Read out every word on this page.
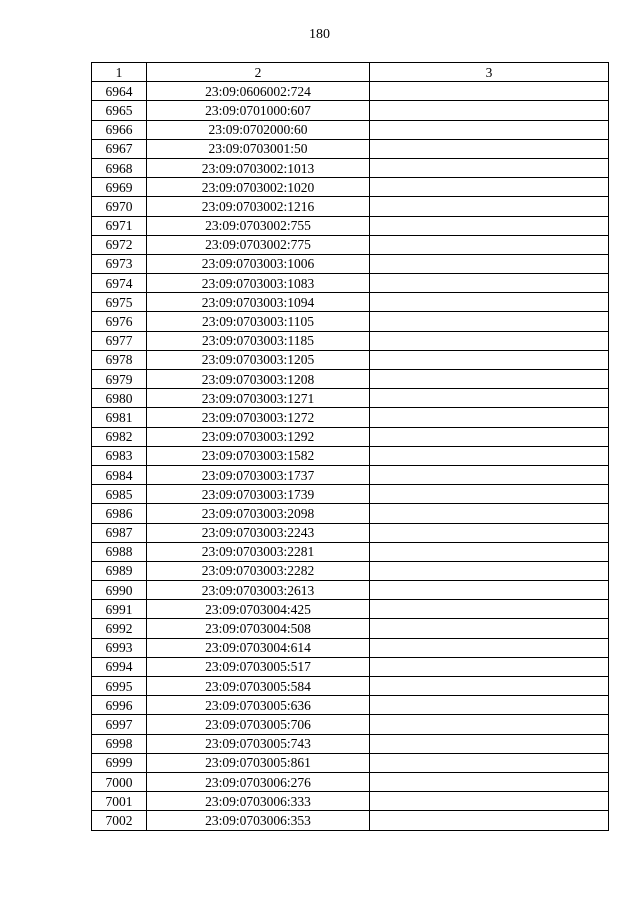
180
1	2	3
6964	23:09:0606002:724	
6965	23:09:0701000:607	
6966	23:09:0702000:60	
6967	23:09:0703001:50	
6968	23:09:0703002:1013	
6969	23:09:0703002:1020	
6970	23:09:0703002:1216	
6971	23:09:0703002:755	
6972	23:09:0703002:775	
6973	23:09:0703003:1006	
6974	23:09:0703003:1083	
6975	23:09:0703003:1094	
6976	23:09:0703003:1105	
6977	23:09:0703003:1185	
6978	23:09:0703003:1205	
6979	23:09:0703003:1208	
6980	23:09:0703003:1271	
6981	23:09:0703003:1272	
6982	23:09:0703003:1292	
6983	23:09:0703003:1582	
6984	23:09:0703003:1737	
6985	23:09:0703003:1739	
6986	23:09:0703003:2098	
6987	23:09:0703003:2243	
6988	23:09:0703003:2281	
6989	23:09:0703003:2282	
6990	23:09:0703003:2613	
6991	23:09:0703004:425	
6992	23:09:0703004:508	
6993	23:09:0703004:614	
6994	23:09:0703005:517	
6995	23:09:0703005:584	
6996	23:09:0703005:636	
6997	23:09:0703005:706	
6998	23:09:0703005:743	
6999	23:09:0703005:861	
7000	23:09:0703006:276	
7001	23:09:0703006:333	
7002	23:09:0703006:353	
